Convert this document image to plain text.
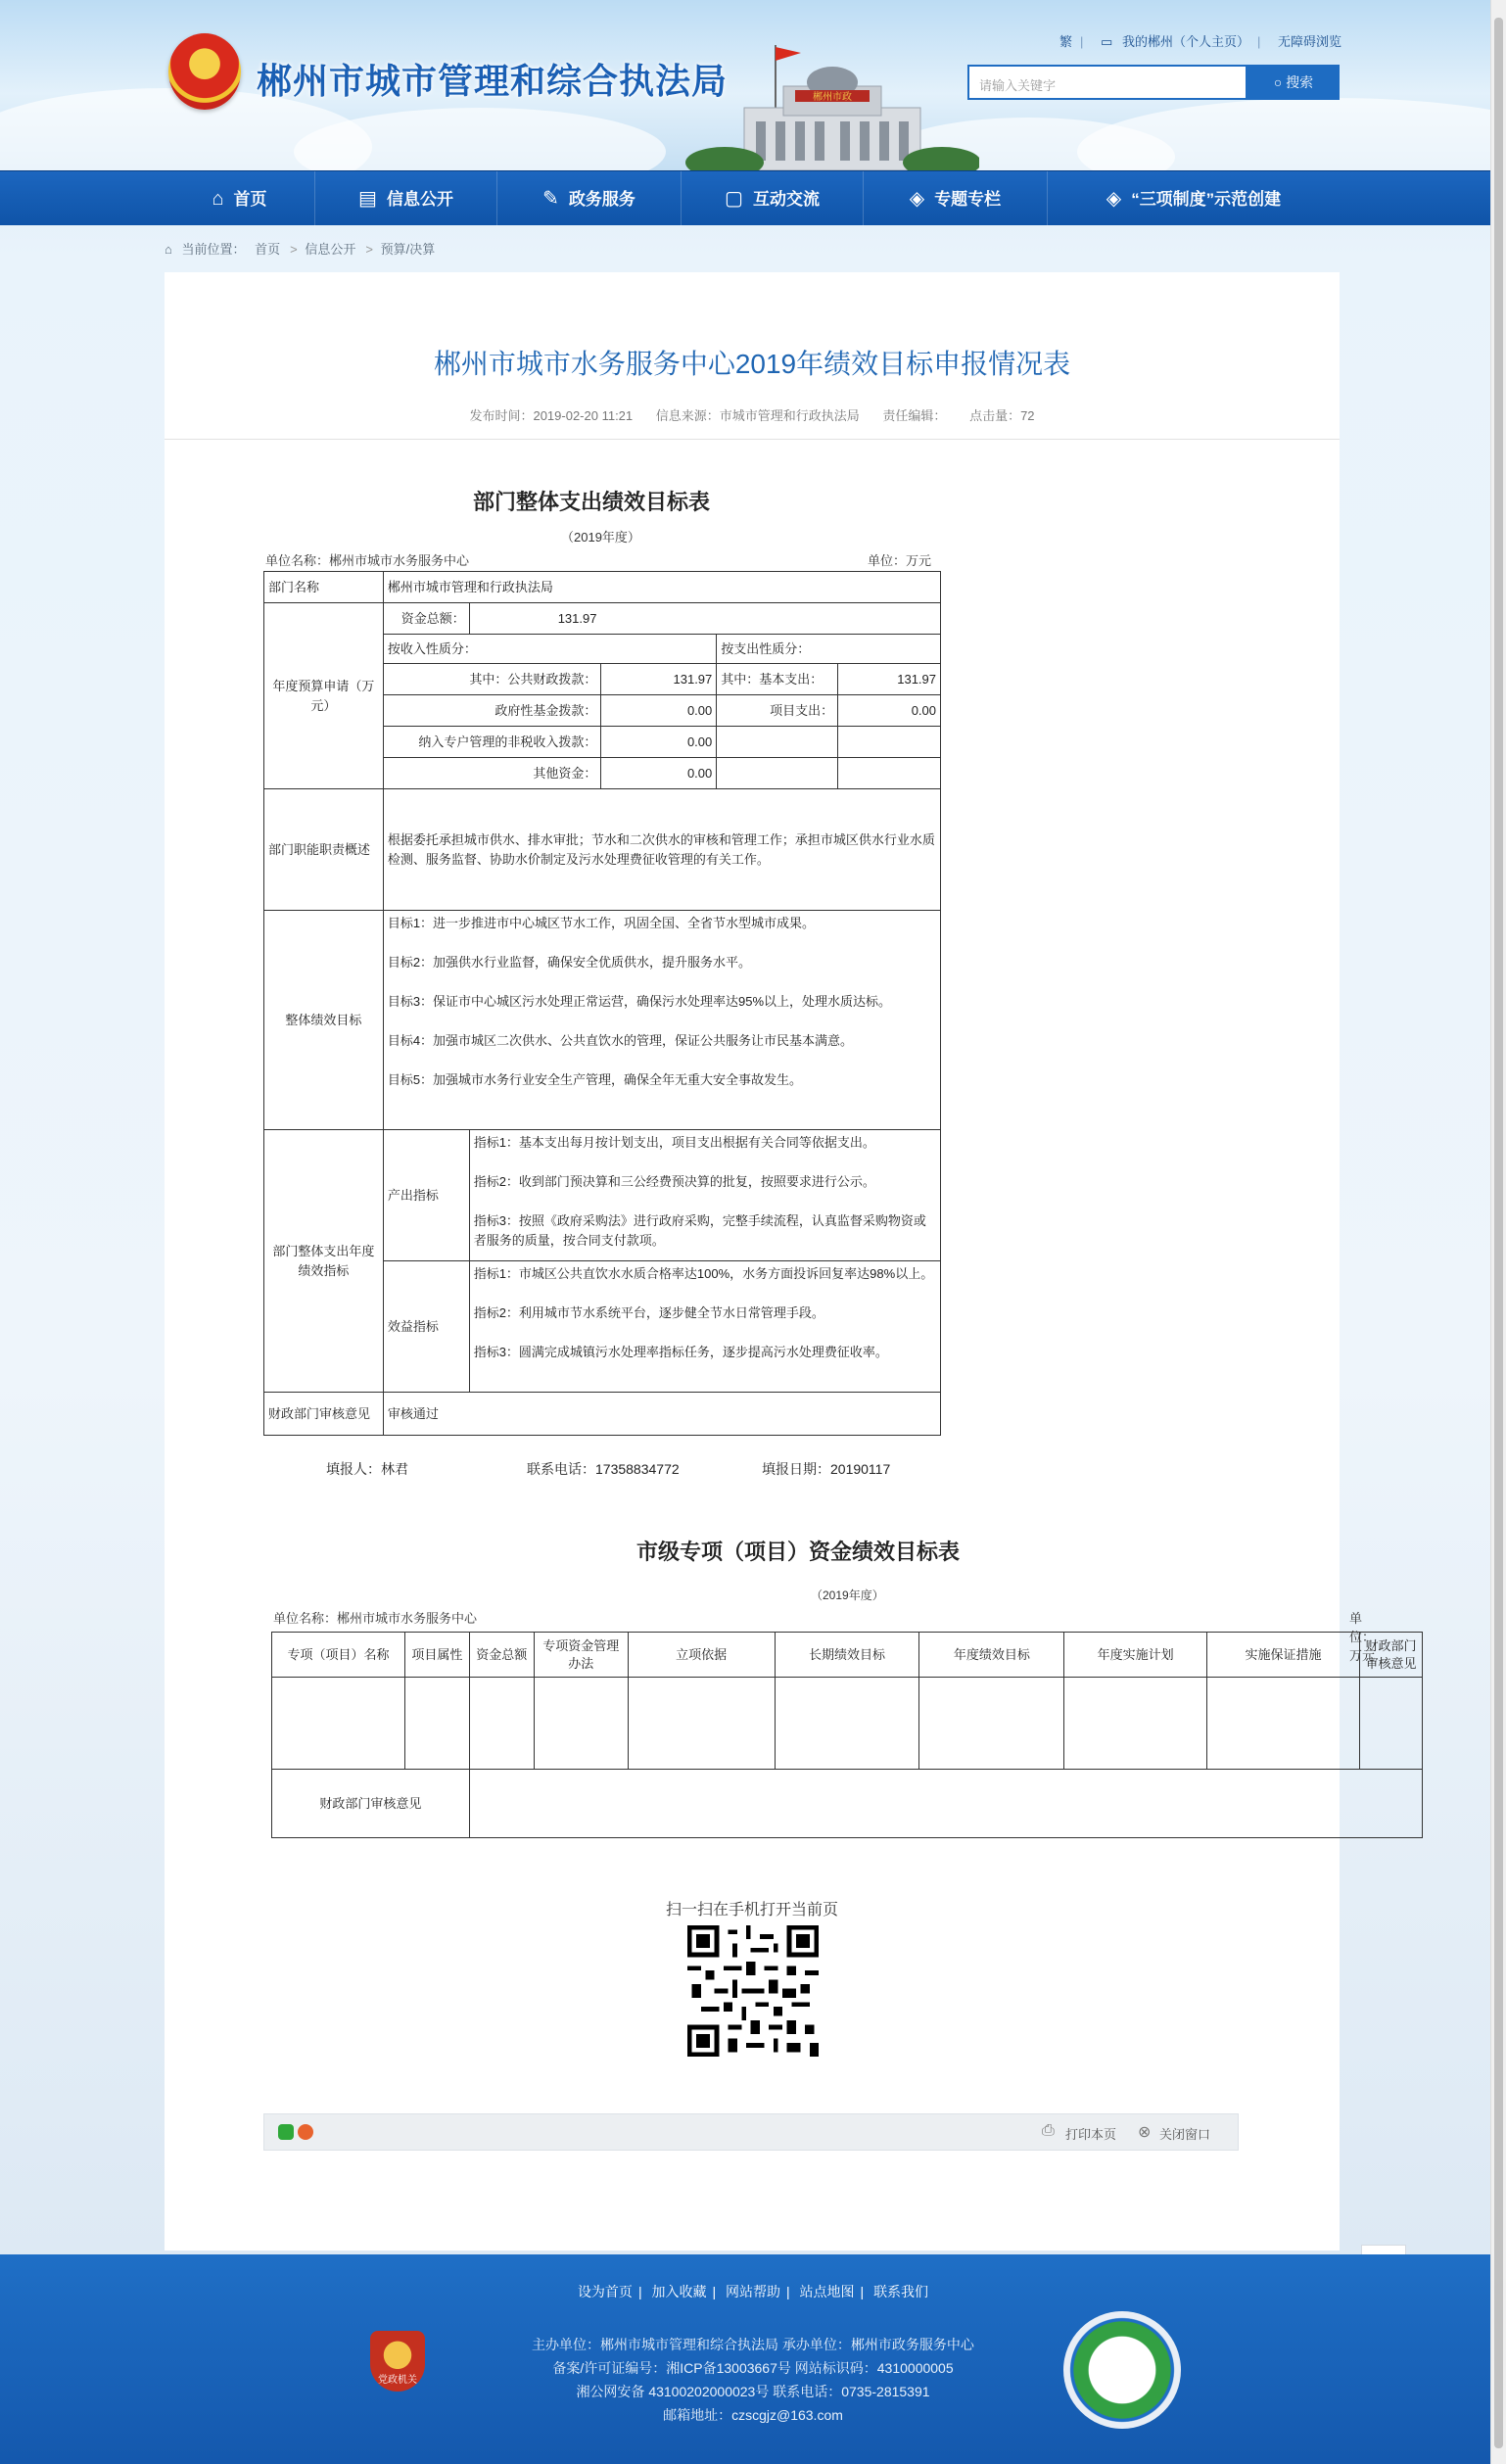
郴州市城市管理和综合执法局	郴州市政
繁 | ▭ 我的郴州（个人主页） | 无障碍浏览
请输入关键字	○ 搜索
⌂ 首页	▤ 信息公开	✎ 政务服务	▢ 互动交流	◈ 专题专栏	◈ “三项制度”示范创建
⌂ 当前位置： 首页 > 信息公开 > 预算/决算
郴州市城市水务服务中心2019年绩效目标申报情况表
发布时间：2019-02-20 11:21 信息来源：市城市管理和行政执法局 责任编辑： 点击量：72
部门整体支出绩效目标表
（2019年度）
单位名称：郴州市城市水务服务中心	单位：万元
部门名称	郴州市城市管理和行政执法局				
年度预算申请（万元）	资金总额：	131.97			
	按收入性质分：			按支出性质分：	
	其中：公共财政拨款：		131.97	其中：基本支出：	131.97
	政府性基金拨款：		0.00	项目支出：	0.00
	纳入专户管理的非税收入拨款：		0.00		
	其他资金：		0.00		
部门职能职责概述	根据委托承担城市供水、排水审批；节水和二次供水的审核和管理工作；承担市城区供水行业水质检测、服务监督、协助水价制定及污水处理费征收管理的有关工作。				
整体绩效目标	目标1：进一步推进市中心城区节水工作，巩固全国、全省节水型城市成果。
目标2：加强供水行业监督，确保安全优质供水，提升服务水平。
目标3：保证市中心城区污水处理正常运营，确保污水处理率达95%以上，处理水质达标。
目标4：加强市城区二次供水、公共直饮水的管理，保证公共服务让市民基本满意。
目标5：加强城市水务行业安全生产管理，确保全年无重大安全事故发生。				

部门整体支出年度绩效指标	产出指标	指标1：基本支出每月按计划支出，项目支出根据有关合同等依据支出。
指标2：收到部门预决算和三公经费预决算的批复，按照要求进行公示。
指标3：按照《政府采购法》进行政府采购，完整手续流程，认真监督采购物资或者服务的质量，按合同支付款项。			

	效益指标	指标1：市城区公共直饮水水质合格率达100%，水务方面投诉回复率达98%以上。
指标2：利用城市节水系统平台，逐步健全节水日常管理手段。
指标3：圆满完成城镇污水处理率指标任务，逐步提高污水处理费征收率。			

财政部门审核意见	审核通过				
填报人：林君	联系电话：17358834772	填报日期：20190117
市级专项（项目）资金绩效目标表
（2019年度）
单位名称：郴州市城市水务服务中心	单位：万元
专项（项目）名称	项目属性	资金总额	专项资金管理办法	立项依据	长期绩效目标	年度绩效目标	年度实施计划	实施保证措施	财政部门审核意见

财政部门审核意见									
扫一扫在手机打开当前页
⎙ 打印本页 ⊗ 关闭窗口
设为首页 | 加入收藏 | 网站帮助 | 站点地图 | 联系我们
主办单位：郴州市城市管理和综合执法局 承办单位：郴州市政务服务中心
备案/许可证编号：湘ICP备13003667号 网站标识码：4310000005
湘公网安备 43100202000023号 联系电话：0735-2815391
邮箱地址：czscgjz@163.com
党政机关
